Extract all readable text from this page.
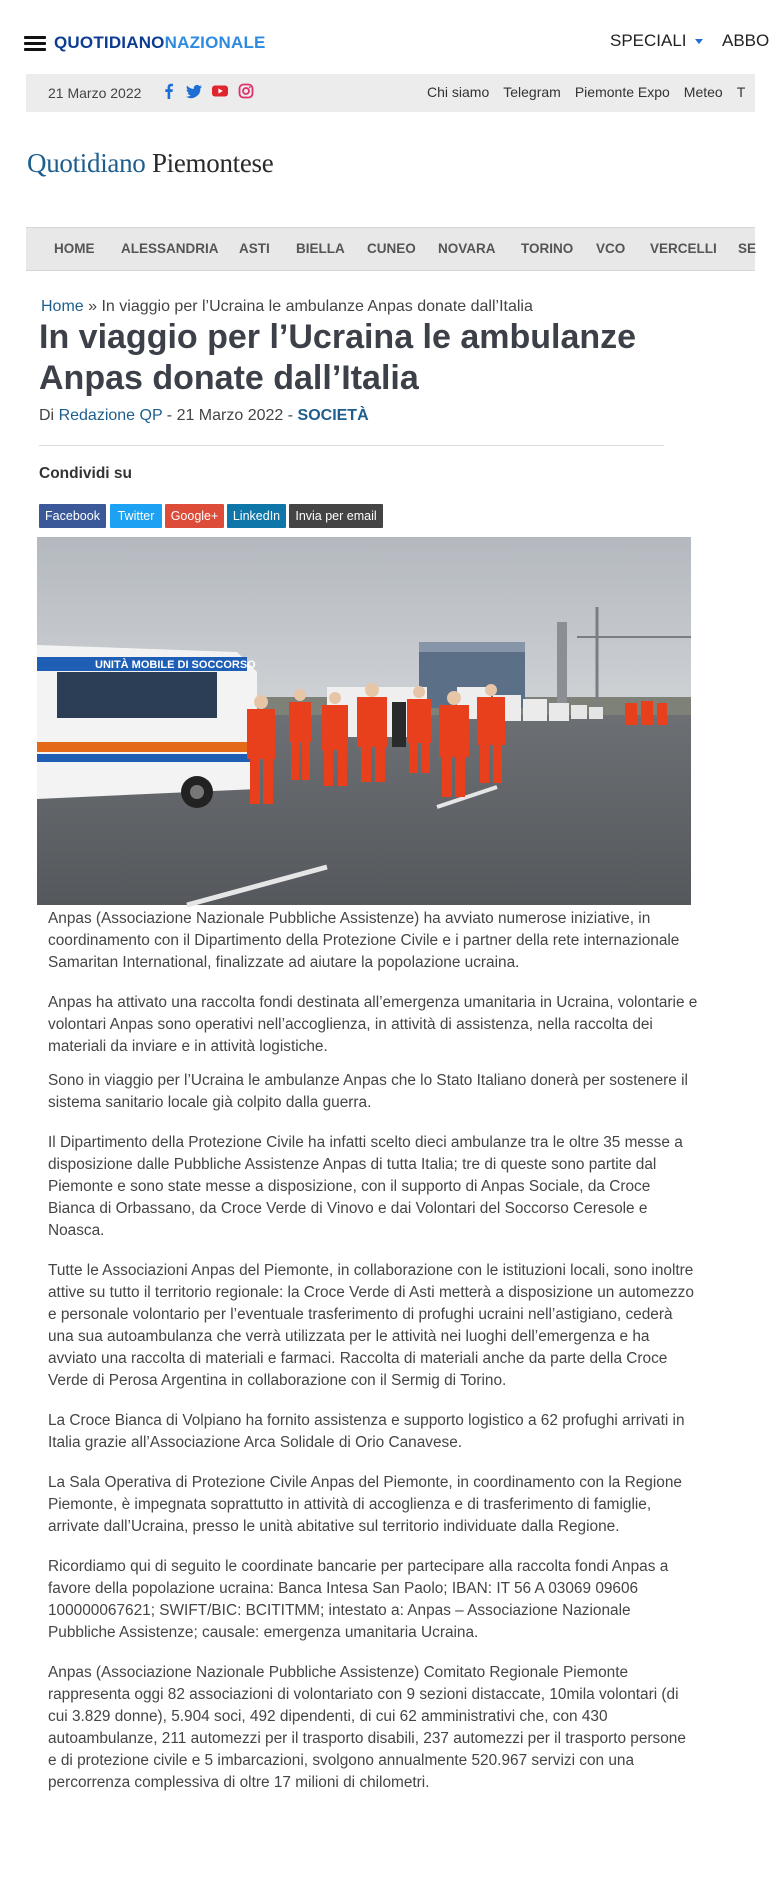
QUOTIDIANONAZIONALE	SPECIALI	ABBO
21 Marzo 2022	Chi siamo Telegram Piemonte Expo Meteo T
Quotidiano Piemontese
HOME ALESSANDRIA ASTI BIELLA CUNEO NOVARA TORINO VCO VERCELLI SE
Home » In viaggio per l’Ucraina le ambulanze Anpas donate dall’Italia
In viaggio per l’Ucraina le ambulanze Anpas donate dall’Italia
Di Redazione QP - 21 Marzo 2022 - SOCIETÀ
Condividi su
Facebook	Twitter	Google+	LinkedIn	Invia per email
UNITÀ MOBILE DI SOCCORSO

Anpas (Associazione Nazionale Pubbliche Assistenze) ha avviato numerose iniziative, in coordinamento con il Dipartimento della Protezione Civile e i partner della rete internazionale Samaritan International, finalizzate ad aiutare la popolazione ucraina.

Anpas ha attivato una raccolta fondi destinata all’emergenza umanitaria in Ucraina, volontarie e volontari Anpas sono operativi nell’accoglienza, in attività di assistenza, nella raccolta dei materiali da inviare e in attività logistiche.

Sono in viaggio per l’Ucraina le ambulanze Anpas che lo Stato Italiano donerà per sostenere il sistema sanitario locale già colpito dalla guerra.

Il Dipartimento della Protezione Civile ha infatti scelto dieci ambulanze tra le oltre 35 messe a disposizione dalle Pubbliche Assistenze Anpas di tutta Italia; tre di queste sono partite dal Piemonte e sono state messe a disposizione, con il supporto di Anpas Sociale, da Croce Bianca di Orbassano, da Croce Verde di Vinovo e dai Volontari del Soccorso Ceresole e Noasca.

Tutte le Associazioni Anpas del Piemonte, in collaborazione con le istituzioni locali, sono inoltre attive su tutto il territorio regionale: la Croce Verde di Asti metterà a disposizione un automezzo e personale volontario per l’eventuale trasferimento di profughi ucraini nell’astigiano, cederà una sua autoambulanza che verrà utilizzata per le attività nei luoghi dell’emergenza e ha avviato una raccolta di materiali e farmaci. Raccolta di materiali anche da parte della Croce Verde di Perosa Argentina in collaborazione con il Sermig di Torino.

La Croce Bianca di Volpiano ha fornito assistenza e supporto logistico a 62 profughi arrivati in Italia grazie all’Associazione Arca Solidale di Orio Canavese.

La Sala Operativa di Protezione Civile Anpas del Piemonte, in coordinamento con la Regione Piemonte, è impegnata soprattutto in attività di accoglienza e di trasferimento di famiglie, arrivate dall’Ucraina, presso le unità abitative sul territorio individuate dalla Regione.

Ricordiamo qui di seguito le coordinate bancarie per partecipare alla raccolta fondi Anpas a favore della popolazione ucraina: Banca Intesa San Paolo; IBAN: IT 56 A 03069 09606 100000067621; SWIFT/BIC: BCITITMM; intestato a: Anpas – Associazione Nazionale Pubbliche Assistenze; causale: emergenza umanitaria Ucraina.

Anpas (Associazione Nazionale Pubbliche Assistenze) Comitato Regionale Piemonte rappresenta oggi 82 associazioni di volontariato con 9 sezioni distaccate, 10mila volontari (di cui 3.829 donne), 5.904 soci, 492 dipendenti, di cui 62 amministrativi che, con 430 autoambulanze, 211 automezzi per il trasporto disabili, 237 automezzi per il trasporto persone e di protezione civile e 5 imbarcazioni, svolgono annualmente 520.967 servizi con una percorrenza complessiva di oltre 17 milioni di chilometri.
